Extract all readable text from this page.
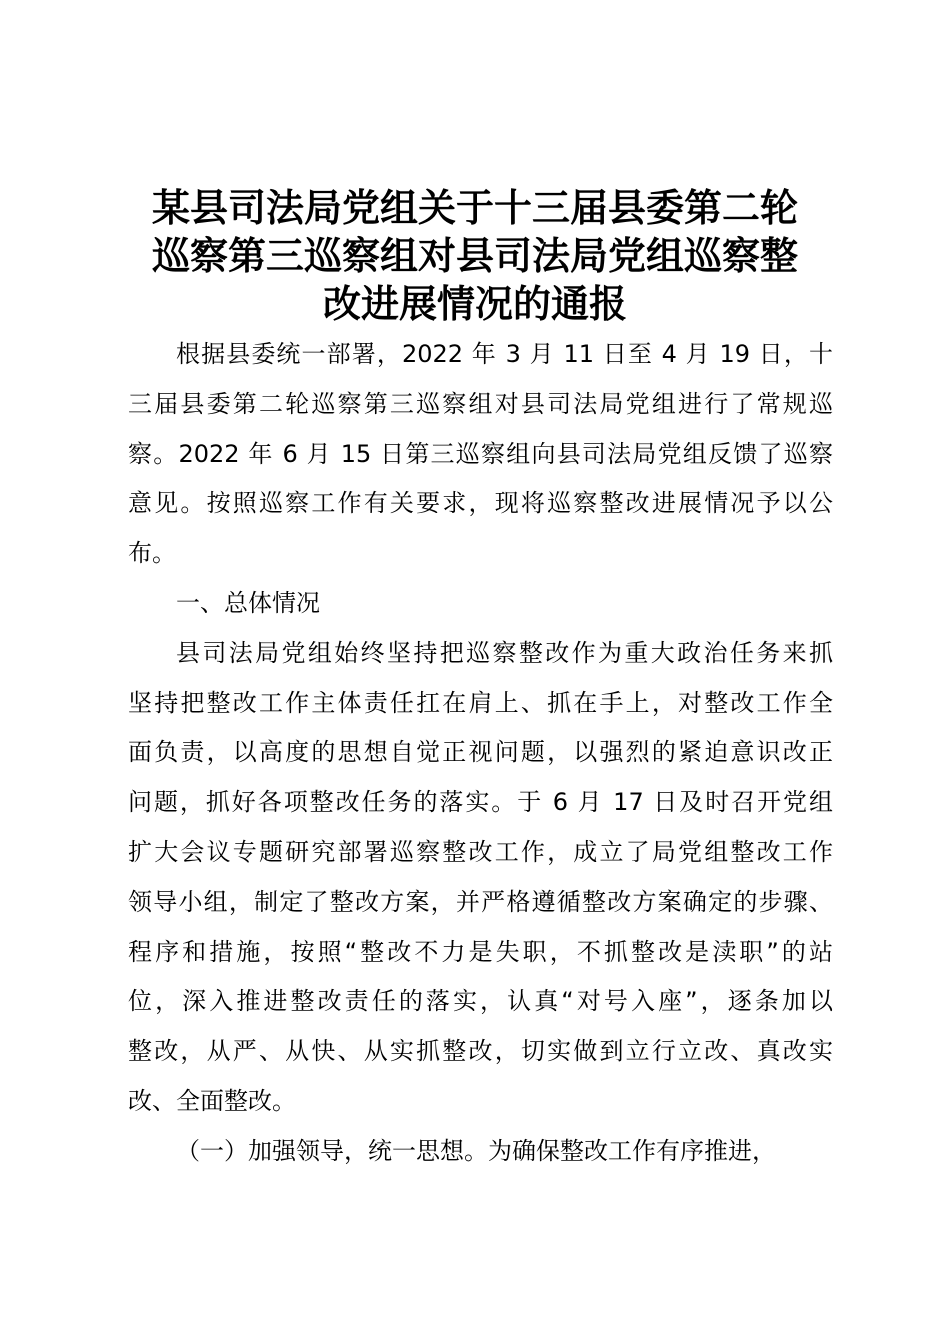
某县司法局党组关于十三届县委第二轮
巡察第三巡察组对县司法局党组巡察整
改进展情况的通报
根据县委统一部署，2022 年 3 月 11 日至 4 月 19 日，十
三届县委第二轮巡察第三巡察组对县司法局党组进行了常规巡
察。2022 年 6 月 15 日第三巡察组向县司法局党组反馈了巡察
意见。按照巡察工作有关要求，现将巡察整改进展情况予以公
布。
一、总体情况
县司法局党组始终坚持把巡察整改作为重大政治任务来抓
坚持把整改工作主体责任扛在肩上、抓在手上，对整改工作全
面负责，以高度的思想自觉正视问题，以强烈的紧迫意识改正
问题，抓好各项整改任务的落实。于 6 月 17 日及时召开党组
扩大会议专题研究部署巡察整改工作，成立了局党组整改工作
领导小组，制定了整改方案，并严格遵循整改方案确定的步骤、
程序和措施，按照“整改不力是失职，不抓整改是渎职”的站
位，深入推进整改责任的落实，认真“对号入座”，逐条加以
整改，从严、从快、从实抓整改，切实做到立行立改、真改实
改、全面整改。
（一）加强领导，统一思想。为确保整改工作有序推进，
